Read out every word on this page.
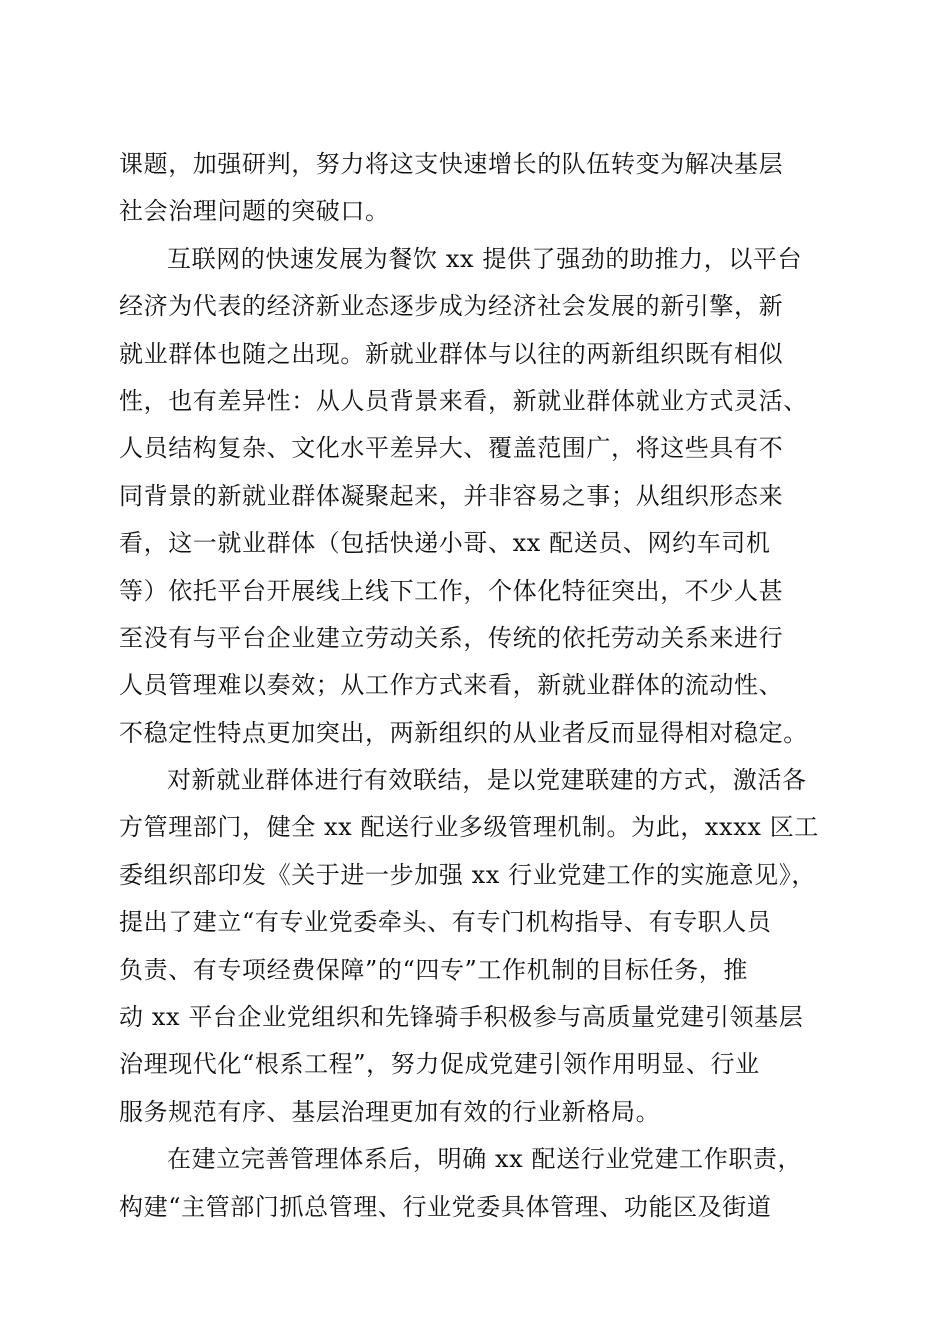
课题，加强研判，努力将这支快速增长的队伍转变为解决基层
社会治理问题的突破口。
互联网的快速发展为餐饮 xx 提供了强劲的助推力，以平台
经济为代表的经济新业态逐步成为经济社会发展的新引擎，新
就业群体也随之出现。新就业群体与以往的两新组织既有相似
性，也有差异性：从人员背景来看，新就业群体就业方式灵活、
人员结构复杂、文化水平差异大、覆盖范围广，将这些具有不
同背景的新就业群体凝聚起来，并非容易之事；从组织形态来
看，这一就业群体（包括快递小哥、xx 配送员、网约车司机
等）依托平台开展线上线下工作，个体化特征突出，不少人甚
至没有与平台企业建立劳动关系，传统的依托劳动关系来进行
人员管理难以奏效；从工作方式来看，新就业群体的流动性、
不稳定性特点更加突出，两新组织的从业者反而显得相对稳定。
对新就业群体进行有效联结，是以党建联建的方式，激活各
方管理部门，健全 xx 配送行业多级管理机制。为此，xxxx 区工
委组织部印发《关于进一步加强 xx 行业党建工作的实施意见》，
提出了建立“有专业党委牵头、有专门机构指导、有专职人员
负责、有专项经费保障”的“四专”工作机制的目标任务，推
动 xx 平台企业党组织和先锋骑手积极参与高质量党建引领基层
治理现代化“根系工程”，努力促成党建引领作用明显、行业
服务规范有序、基层治理更加有效的行业新格局。
在建立完善管理体系后，明确 xx 配送行业党建工作职责，
构建“主管部门抓总管理、行业党委具体管理、功能区及街道
